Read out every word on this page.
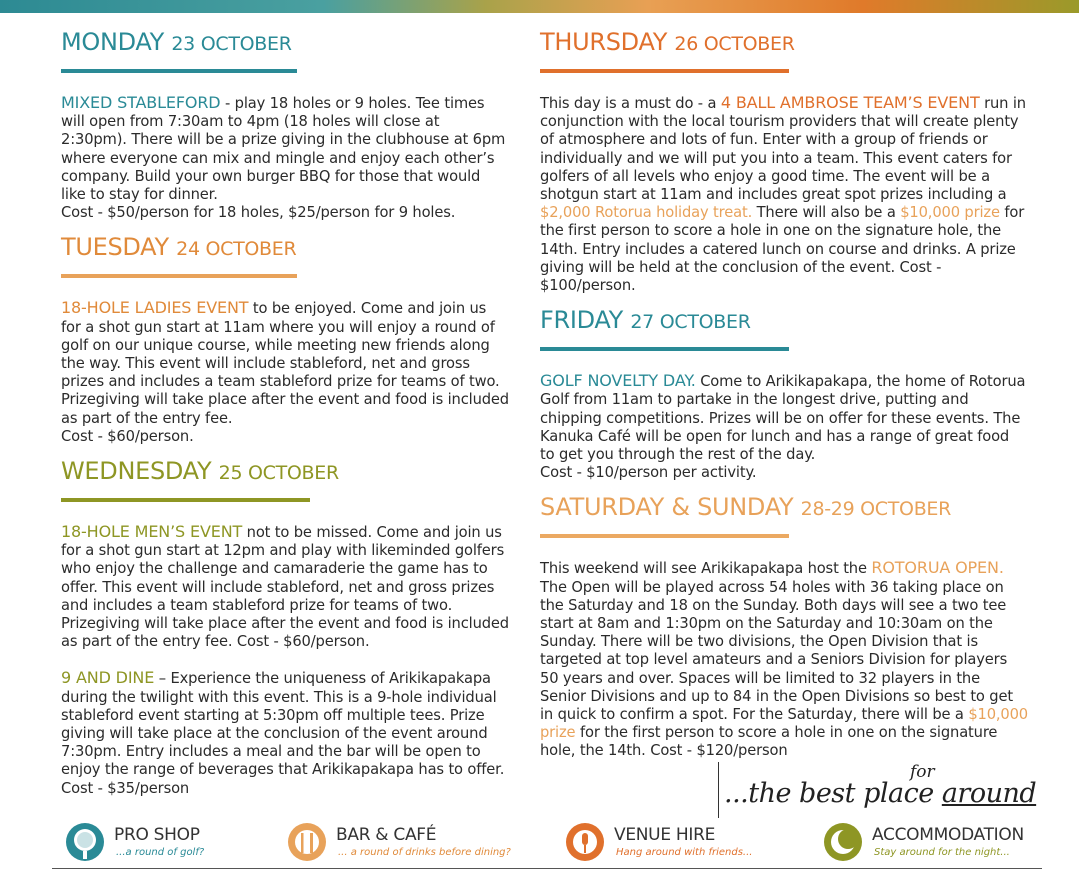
MONDAY 23 OCTOBER

MIXED STABLEFORD - play 18 holes or 9 holes. Tee times will open from 7:30am to 4pm (18 holes will close at 2:30pm). There will be a prize giving in the clubhouse at 6pm where everyone can mix and mingle and enjoy each other’s company. Build your own burger BBQ for those that would like to stay for dinner.
Cost - $50/person for 18 holes, $25/person for 9 holes.

TUESDAY 24 OCTOBER

18-HOLE LADIES EVENT to be enjoyed. Come and join us for a shot gun start at 11am where you will enjoy a round of golf on our unique course, while meeting new friends along the way. This event will include stableford, net and gross prizes and includes a team stableford prize for teams of two. Prizegiving will take place after the event and food is included as part of the entry fee.
Cost - $60/person.

WEDNESDAY 25 OCTOBER

18-HOLE MEN’S EVENT not to be missed. Come and join us for a shot gun start at 12pm and play with likeminded golfers who enjoy the challenge and camaraderie the game has to offer. This event will include stableford, net and gross prizes and includes a team stableford prize for teams of two. Prizegiving will take place after the event and food is included as part of the entry fee. Cost - $60/person.

9 AND DINE – Experience the uniqueness of Arikikapakapa during the twilight with this event. This is a 9-hole individual stableford event starting at 5:30pm off multiple tees. Prize giving will take place at the conclusion of the event around 7:30pm. Entry includes a meal and the bar will be open to enjoy the range of beverages that Arikikapakapa has to offer. Cost - $35/person

THURSDAY 26 OCTOBER

This day is a must do - a 4 BALL AMBROSE TEAM’S EVENT run in conjunction with the local tourism providers that will create plenty of atmosphere and lots of fun. Enter with a group of friends or individually and we will put you into a team. This event caters for golfers of all levels who enjoy a good time. The event will be a shotgun start at 11am and includes great spot prizes including a $2,000 Rotorua holiday treat. There will also be a $10,000 prize for the first person to score a hole in one on the signature hole, the 14th. Entry includes a catered lunch on course and drinks. A prize giving will be held at the conclusion of the event. Cost - $100/person.

FRIDAY 27 OCTOBER

GOLF NOVELTY DAY. Come to Arikikapakapa, the home of Rotorua Golf from 11am to partake in the longest drive, putting and chipping competitions. Prizes will be on offer for these events. The Kanuka Café will be open for lunch and has a range of great food to get you through the rest of the day.
Cost - $10/person per activity.

SATURDAY & SUNDAY 28-29 OCTOBER

This weekend will see Arikikapakapa host the ROTORUA OPEN. The Open will be played across 54 holes with 36 taking place on the Saturday and 18 on the Sunday. Both days will see a two tee start at 8am and 1:30pm on the Saturday and 10:30am on the Sunday. There will be two divisions, the Open Division that is targeted at top level amateurs and a Seniors Division for players 50 years and over. Spaces will be limited to 32 players in the Senior Divisions and up to 84 in the Open Divisions so best to get in quick to confirm a spot. For the Saturday, there will be a $10,000 prize for the first person to score a hole in one on the signature hole, the 14th. Cost - $120/person

for
...the best place around
PRO SHOP
...a round of golf?
BAR & CAFÉ
... a round of drinks before dining?
VENUE HIRE
Hang around with friends...
ACCOMMODATION
Stay around for the night...
